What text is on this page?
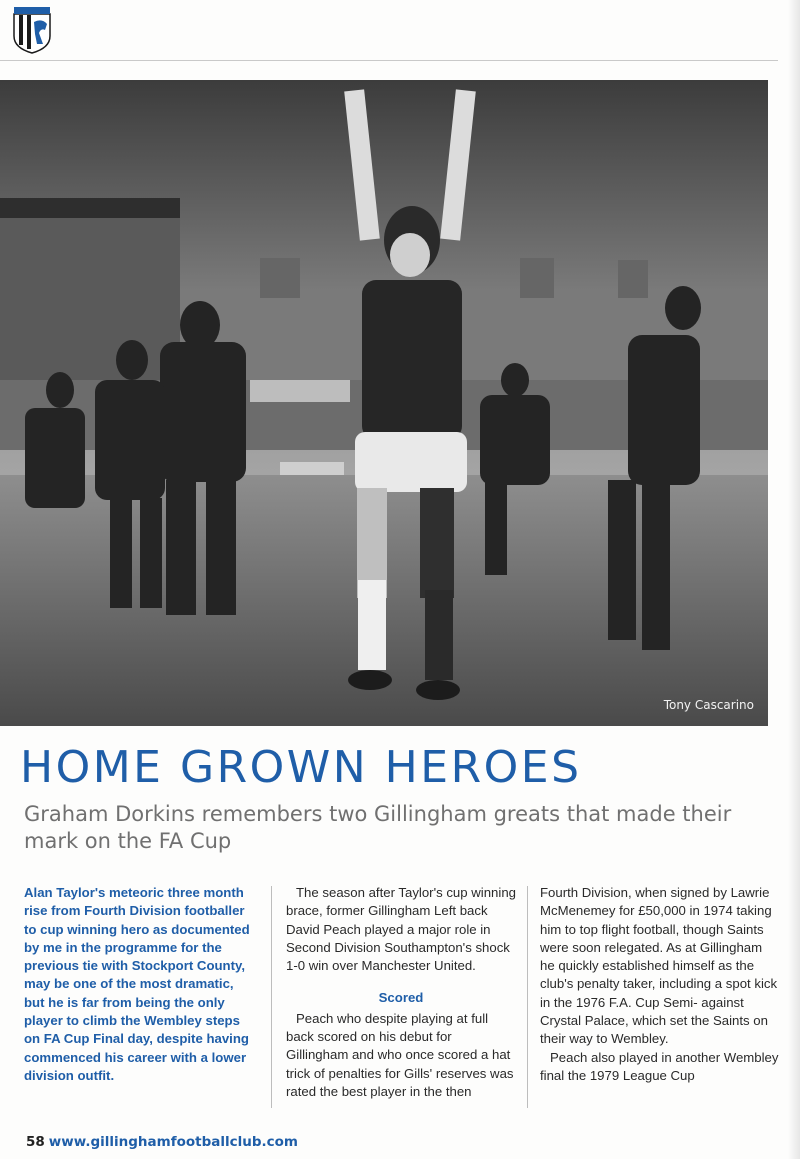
Tony Cascarino
HOME GROWN HEROES

Graham Dorkins remembers two Gillingham greats that made their mark on the FA Cup

Alan Taylor's meteoric three month rise from Fourth Division footballer to cup winning hero as documented by me in the programme for the previous tie with Stockport County, may be one of the most dramatic, but he is far from being the only player to climb the Wembley steps on FA Cup Final day, despite having commenced his career with a lower division outfit.

The season after Taylor's cup winning brace, former Gillingham Left back David Peach played a major role in Second Division Southampton's shock 1-0 win over Manchester United.

Scored

Peach who despite playing at full back scored on his debut for Gillingham and who once scored a hat trick of penalties for Gills' reserves was rated the best player in the then

Fourth Division, when signed by Lawrie McMenemey for £50,000 in 1974 taking him to top flight football, though Saints were soon relegated. As at Gillingham he quickly established himself as the club's penalty taker, including a spot kick in the 1976 F.A. Cup Semi- against Crystal Palace, which set the Saints on their way to Wembley.

Peach also played in another Wembley final the 1979 League Cup

58 www.gillinghamfootballclub.com
